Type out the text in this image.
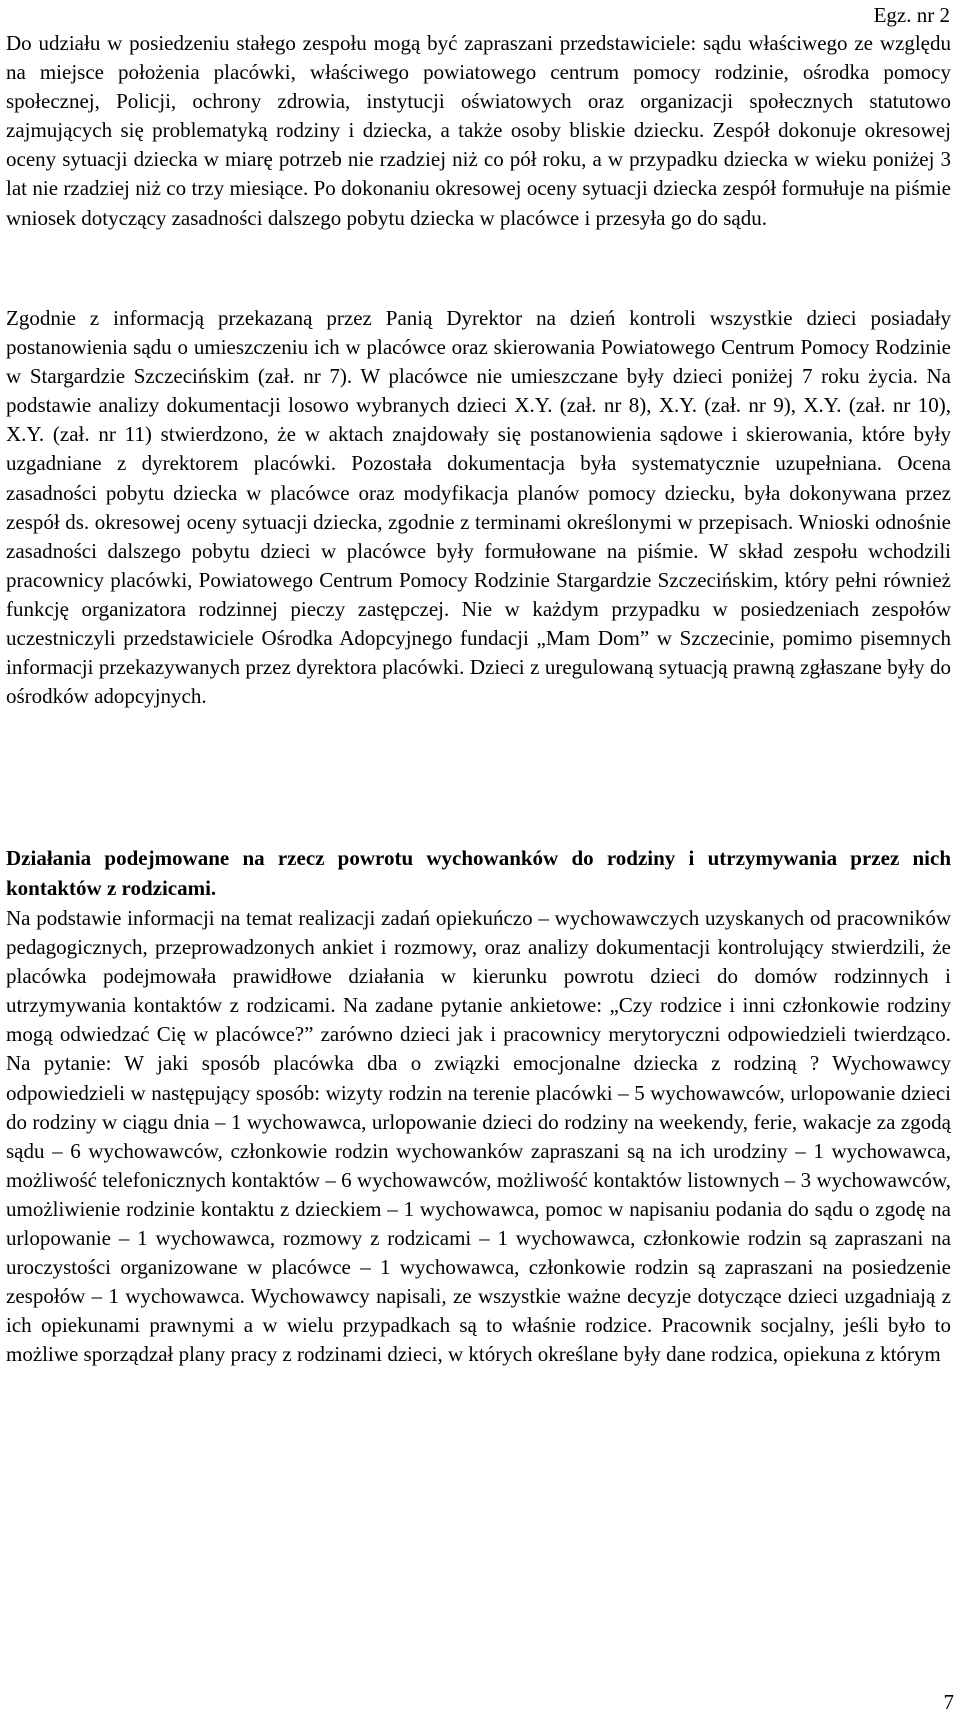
Egz. nr 2

Do udziału w posiedzeniu stałego zespołu mogą być zapraszani przedstawiciele: sądu właściwego ze względu na miejsce położenia placówki, właściwego powiatowego centrum pomocy rodzinie, ośrodka pomocy społecznej, Policji, ochrony zdrowia, instytucji oświatowych oraz organizacji społecznych statutowo zajmujących się problematyką rodziny i dziecka, a także osoby bliskie dziecku. Zespół dokonuje okresowej oceny sytuacji dziecka w miarę potrzeb nie rzadziej niż co pół roku, a w przypadku dziecka w wieku poniżej 3 lat nie rzadziej niż co trzy miesiące. Po dokonaniu okresowej oceny sytuacji dziecka zespół formułuje na piśmie wniosek dotyczący zasadności dalszego pobytu dziecka w placówce i przesyła go do sądu.

Zgodnie z informacją przekazaną przez Panią Dyrektor na dzień kontroli wszystkie dzieci posiadały postanowienia sądu o umieszczeniu ich w placówce oraz skierowania Powiatowego Centrum Pomocy Rodzinie w Stargardzie Szczecińskim (zał. nr 7). W placówce nie umieszczane były dzieci poniżej 7 roku życia. Na podstawie analizy dokumentacji losowo wybranych dzieci X.Y. (zał. nr 8), X.Y. (zał. nr 9), X.Y. (zał. nr 10), X.Y. (zał. nr 11) stwierdzono, że w aktach znajdowały się postanowienia sądowe i skierowania, które były uzgadniane z dyrektorem placówki. Pozostała dokumentacja była systematycznie uzupełniana. Ocena zasadności pobytu dziecka w placówce oraz modyfikacja planów pomocy dziecku, była dokonywana przez zespół ds. okresowej oceny sytuacji dziecka, zgodnie z terminami określonymi w przepisach. Wnioski odnośnie zasadności dalszego pobytu dzieci w placówce były formułowane na piśmie. W skład zespołu wchodzili pracownicy placówki, Powiatowego Centrum Pomocy Rodzinie Stargardzie Szczecińskim, który pełni również funkcję organizatora rodzinnej pieczy zastępczej. Nie w każdym przypadku w posiedzeniach zespołów uczestniczyli przedstawiciele Ośrodka Adopcyjnego fundacji „Mam Dom” w Szczecinie, pomimo pisemnych informacji przekazywanych przez dyrektora placówki. Dzieci z uregulowaną sytuacją prawną zgłaszane były do ośrodków adopcyjnych.

Działania podejmowane na rzecz powrotu wychowanków do rodziny i utrzymywania przez nich kontaktów z rodzicami.

Na podstawie informacji na temat realizacji zadań opiekuńczo – wychowawczych uzyskanych od pracowników pedagogicznych, przeprowadzonych ankiet i rozmowy, oraz analizy dokumentacji kontrolujący stwierdzili, że placówka podejmowała prawidłowe działania w kierunku powrotu dzieci do domów rodzinnych i utrzymywania kontaktów z rodzicami. Na zadane pytanie ankietowe: „Czy rodzice i inni członkowie rodziny mogą odwiedzać Cię w placówce?” zarówno dzieci jak i pracownicy merytoryczni odpowiedzieli twierdząco. Na pytanie: W jaki sposób placówka dba o związki emocjonalne dziecka z rodziną ? Wychowawcy odpowiedzieli w następujący sposób: wizyty rodzin na terenie placówki – 5 wychowawców, urlopowanie dzieci do rodziny w ciągu dnia – 1 wychowawca, urlopowanie dzieci do rodziny na weekendy, ferie, wakacje za zgodą sądu – 6 wychowawców, członkowie rodzin wychowanków zapraszani są na ich urodziny – 1 wychowawca, możliwość telefonicznych kontaktów – 6 wychowawców, możliwość kontaktów listownych – 3 wychowawców, umożliwienie rodzinie kontaktu z dzieckiem – 1 wychowawca, pomoc w napisaniu podania do sądu o zgodę na urlopowanie – 1 wychowawca, rozmowy z rodzicami – 1 wychowawca, członkowie rodzin są zapraszani na uroczystości organizowane w placówce – 1 wychowawca, członkowie rodzin są zapraszani na posiedzenie zespołów – 1 wychowawca. Wychowawcy napisali, ze wszystkie ważne decyzje dotyczące dzieci uzgadniają z ich opiekunami prawnymi a w wielu przypadkach są to właśnie rodzice. Pracownik socjalny, jeśli było to możliwe sporządzał plany pracy z rodzinami dzieci, w których określane były dane rodzica, opiekuna z którym

7
